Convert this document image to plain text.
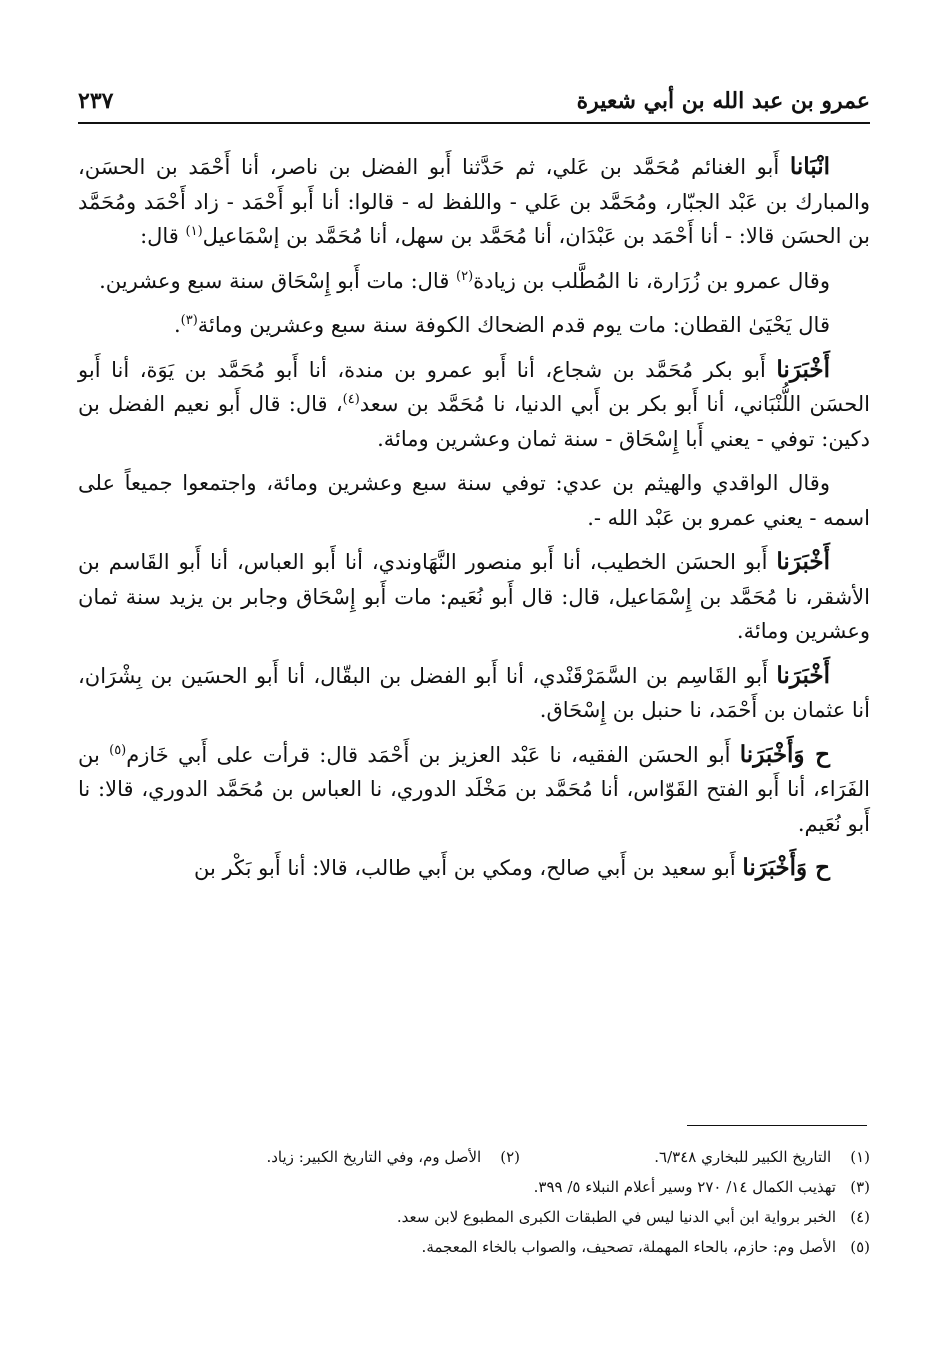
عمرو بن عبد الله بن أبي شعيرة
٢٣٧

انْبَانا أَبو الغنائم مُحَمَّد بن عَلي، ثم حَدَّثنا أَبو الفضل بن ناصر، أنا أَحْمَد بن الحسَن، والمبارك بن عَبْد الجبّار، ومُحَمَّد بن عَلي - واللفظ له - قالوا: أنا أَبو أَحْمَد - زاد أَحْمَد ومُحَمَّد بن الحسَن قالا: - أنا أَحْمَد بن عَبْدَان، أنا مُحَمَّد بن سهل، أنا مُحَمَّد بن إسْمَاعيل$^{(١)}$ قال:

وقال عمرو بن زُرَارة، نا المُطَّلب بن زيادة$^{(٢)}$ قال: مات أَبو إِسْحَاق سنة سبع وعشرين.

قال يَحْيَىٰ القطان: مات يوم قدم الضحاك الكوفة سنة سبع وعشرين ومائة$^{(٣)}$.

أَخْبَرَنا أَبو بكر مُحَمَّد بن شجاع، أنا أَبو عمرو بن مندة، أنا أَبو مُحَمَّد بن يَوَة، أنا أَبو الحسَن اللُّنْبَاني، أنا أَبو بكر بن أَبي الدنيا، نا مُحَمَّد بن سعد$^{(٤)}$، قال: قال أَبو نعيم الفضل بن دكين: توفي - يعني أَبا إِسْحَاق - سنة ثمان وعشرين ومائة.

وقال الواقدي والهيثم بن عدي: توفي سنة سبع وعشرين ومائة، واجتمعوا جميعاً على اسمه - يعني عمرو بن عَبْد الله -.

أَخْبَرَنا أَبو الحسَن الخطيب، أنا أَبو منصور النَّهَاوندي، أنا أَبو العباس، أنا أَبو القَاسم بن الأشقر، نا مُحَمَّد بن إِسْمَاعيل، قال: قال أَبو نُعَيم: مات أَبو إِسْحَاق وجابر بن يزيد سنة ثمان وعشرين ومائة.

أَخْبَرَنا أَبو القَاسِم بن السَّمَرْقَنْدي، أنا أَبو الفضل بن البقّال، أنا أَبو الحسَين بن بِشْرَان، أنا عثمان بن أَحْمَد، نا حنبل بن إِسْحَاق.

ح وَأَخْبَرَنا أَبو الحسَن الفقيه، نا عَبْد العزيز بن أَحْمَد قال: قرأت على أَبي خَازم$^{(٥)}$ بن الفَرَاء، أنا أَبو الفتح القَوّاس، أنا مُحَمَّد بن مَخْلَد الدوري، نا العباس بن مُحَمَّد الدوري، قالا: نا أَبو نُعَيم.

ح وَأَخْبَرَنا أَبو سعيد بن أَبي صالح، ومكي بن أَبي طالب، قالا: أنا أَبو بَكْر بن

(١) التاريخ الكبير للبخاري ٦/٣٤٨.
(٢) الأصل وم، وفي التاريخ الكبير: زياد.
(٣)
تهذيب الكمال ١٤/ ٢٧٠ وسير أعلام النبلاء ٥/ ٣٩٩.
(٤)
الخبر برواية ابن أبي الدنيا ليس في الطبقات الكبرى المطبوع لابن سعد.
(٥)
الأصل وم: حازم، بالحاء المهملة، تصحيف، والصواب بالخاء المعجمة.
